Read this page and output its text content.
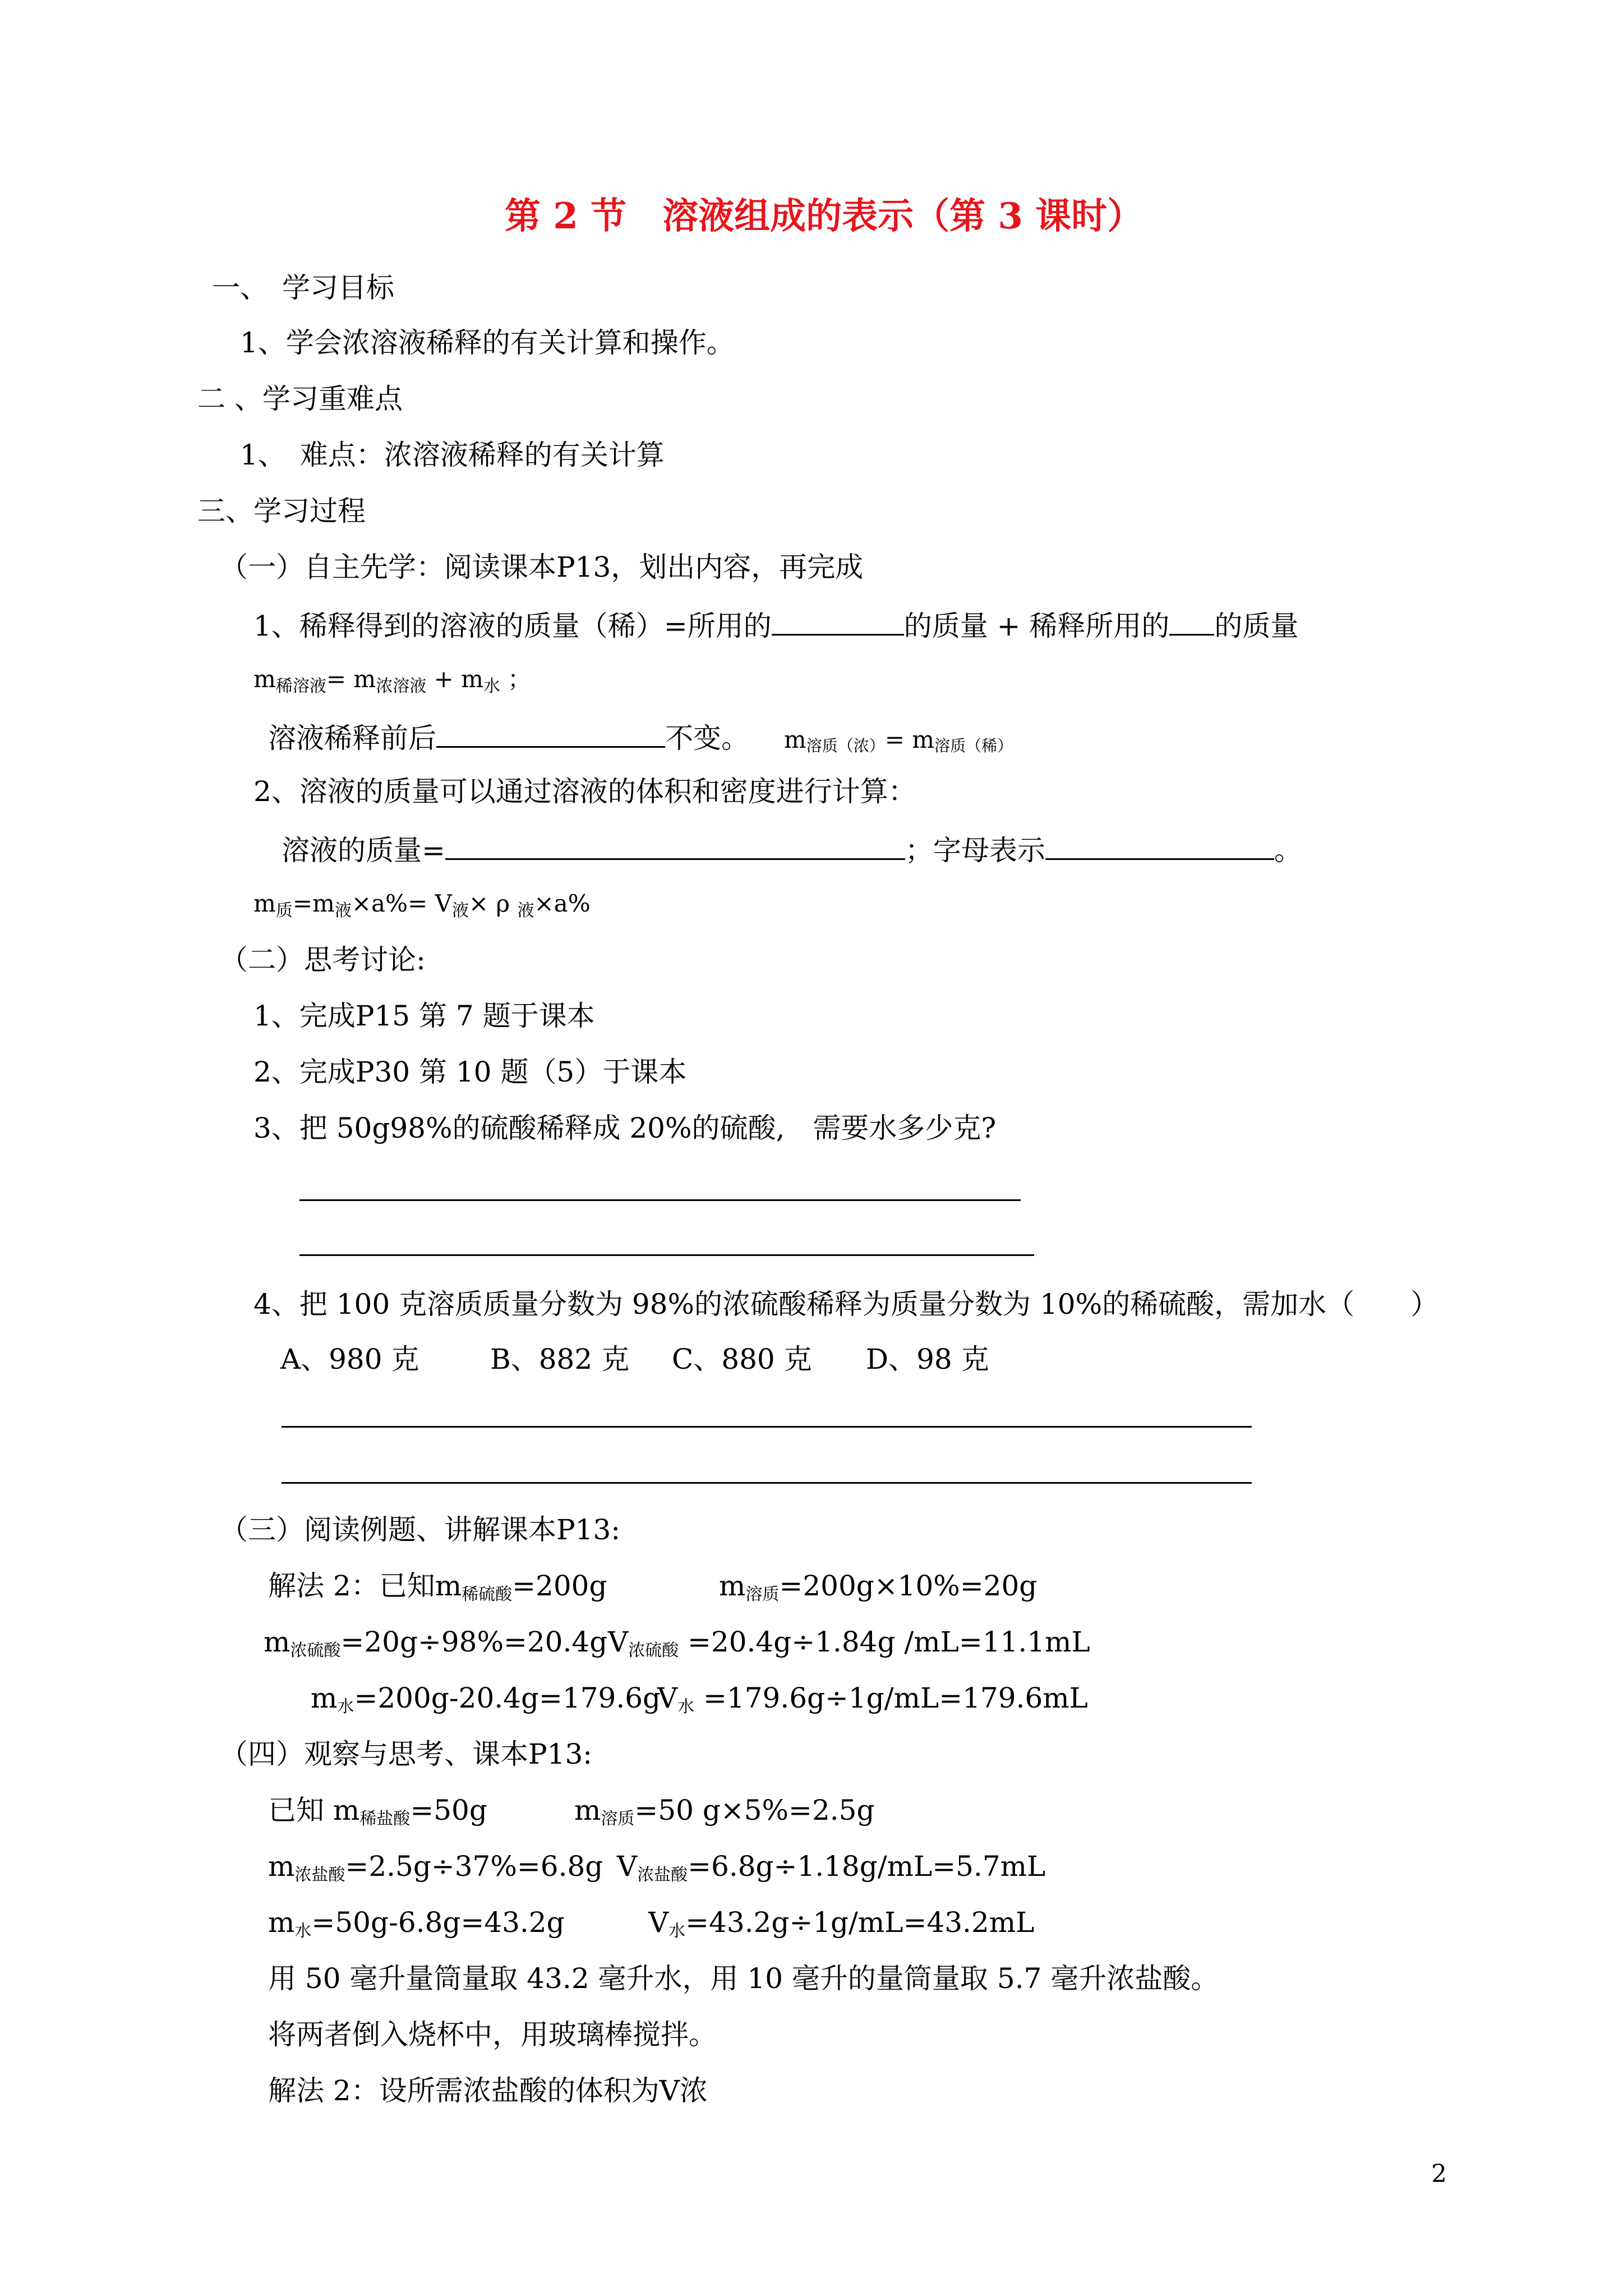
第 2 节　溶液组成的表示（第 3 课时）
一、　学习目标
1、学会浓溶液稀释的有关计算和操作。
二 、学习重难点
1、　难点：浓溶液稀释的有关计算
三、学习过程
（一）自主先学：阅读课本P13，划出内容，再完成
1、稀释得到的溶液的质量（稀）=所用的	的质量 + 稀释所用的 的质量
$m_{稀溶液}= m_{浓溶液} + m_水$ ；
溶液稀释前后	不变。 m溶质（浓）= m溶质（稀）
2、溶液的质量可以通过溶液的体积和密度进行计算：
溶液的质量=	；字母表示	。
$m_质=m_液\times a\%= V_液\times \rho$ $_液$×a%
（二）思考讨论:
1、完成P15 第 7 题于课本
2、完成P30 第 10 题（5）于课本
3、把 50g98%的硫酸稀释成 20%的硫酸,　需要水多少克?
4、把 100 克溶质质量分数为 98%的浓硫酸稀释为质量分数为 10%的稀硫酸，需加水（　　）
A、980 克	B、882 克 C、880 克 D、98 克
（三）阅读例题、讲解课本P13:
解法 2：已知$m_{稀硫酸}=200g$	$m_{溶质}=200g\times 10\%=20g$
$m_{浓硫酸}=20g\div 98\%=20.4g$ $V_{浓硫酸} =20.4g\div 1.84g$ /mL=11.1mL
$m_水=200g-20.4g=179.6g$
$V_水 =179.6g\div 1g/mL=179.6mL$
（四）观察与思考、课本P13:
已知 $m_{稀盐酸}=50g$	$m_{溶质}=50$ g×5%=2.5g
$m_{浓盐酸}=2.5g\div 37\%=6.8g$ $V_{浓盐酸}=6.8g\div 1.18g/mL=5.7mL$
$m_水=50g-6.8g=43.2g$	$V_水=43.2g\div 1g/mL=43.2mL$
用 50 毫升量筒量取 43.2 毫升水，用 10 毫升的量筒量取 5.7 毫升浓盐酸。
将两者倒入烧杯中，用玻璃棒搅拌。
解法 2：设所需浓盐酸的体积为V浓
2
